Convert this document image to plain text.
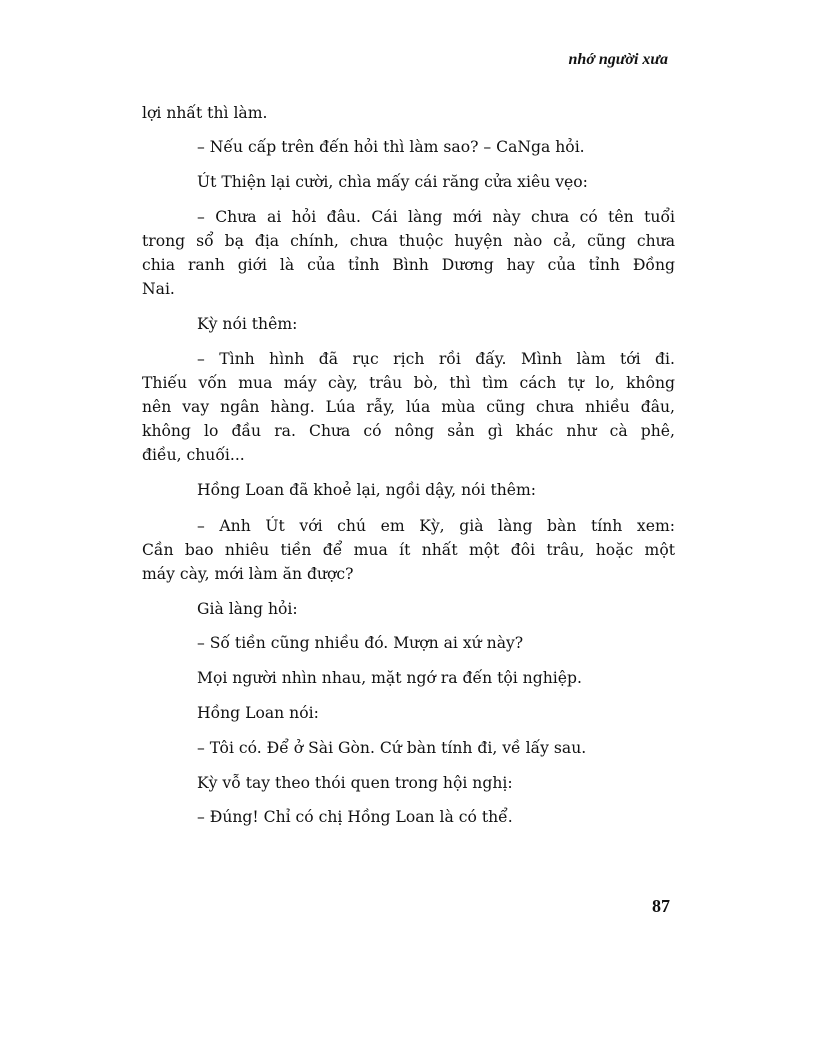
nhớ người xưa
lợi nhất thì làm.
– Nếu cấp trên đến hỏi thì làm sao? – CaNga hỏi.
Út Thiện lại cười, chìa mấy cái răng cửa xiêu vẹo:
– Chưa ai hỏi đâu. Cái làng mới này chưa có tên tuổi
trong sổ bạ địa chính, chưa thuộc huyện nào cả, cũng chưa
chia ranh giới là của tỉnh Bình Dương hay của tỉnh Đồng
Nai.
Kỳ nói thêm:
– Tình hình đã rục rịch rồi đấy. Mình làm tới đi.
Thiếu vốn mua máy cày, trâu bò, thì tìm cách tự lo, không
nên vay ngân hàng. Lúa rẫy, lúa mùa cũng chưa nhiều đâu,
không lo đầu ra. Chưa có nông sản gì khác như cà phê,
điều, chuối...
Hồng Loan đã khoẻ lại, ngồi dậy, nói thêm:
– Anh Út với chú em Kỳ, già làng bàn tính xem:
Cần bao nhiêu tiền để mua ít nhất một đôi trâu, hoặc một
máy cày, mới làm ăn được?
Già làng hỏi:
– Số tiền cũng nhiều đó. Mượn ai xứ này?
Mọi người nhìn nhau, mặt ngớ ra đến tội nghiệp.
Hồng Loan nói:
– Tôi có. Để ở Sài Gòn. Cứ bàn tính đi, về lấy sau.
Kỳ vỗ tay theo thói quen trong hội nghị:
– Đúng! Chỉ có chị Hồng Loan là có thể.
87
